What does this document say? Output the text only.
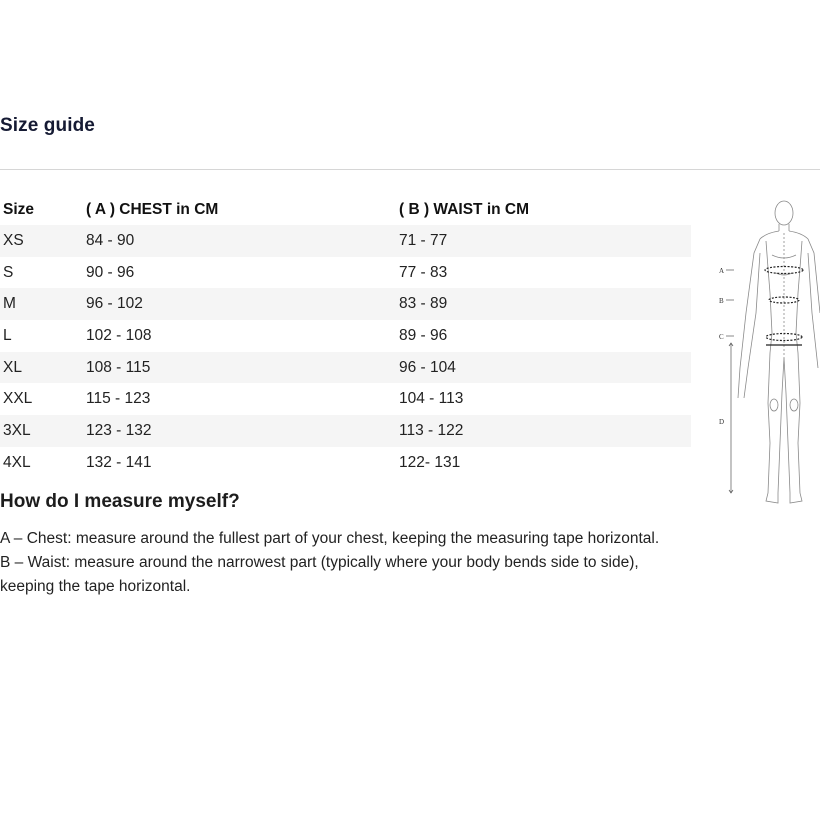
Size guide
Size	( A ) CHEST in CM	( B ) WAIST in CM
XS	84 - 90	71 - 77
S	90 - 96	77 - 83
M	96 - 102	83 - 89
L	102 - 108	89 - 96
XL	108 - 115	96 - 104
XXL	115 - 123	104 - 113
3XL	123 - 132	113 - 122
4XL	132 - 141	122- 131
How do I measure myself?

A – Chest: measure around the fullest part of your chest, keeping the measuring tape horizontal.

B – Waist: measure around the narrowest part (typically where your body bends side to side), keeping the tape horizontal.

A
B
C
D
